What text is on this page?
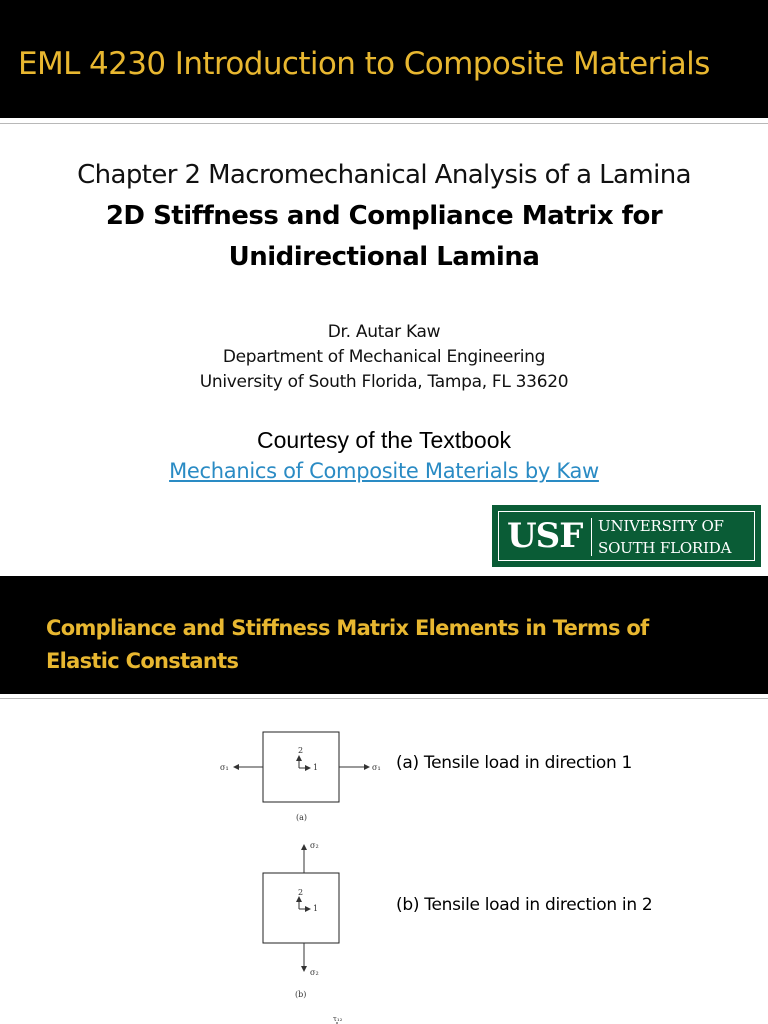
EML 4230 Introduction to Composite Materials
Chapter 2 Macromechanical Analysis of a Lamina
2D Stiffness and Compliance Matrix for
Unidirectional Lamina
Dr. Autar Kaw
Department of Mechanical Engineering
University of South Florida, Tampa, FL 33620
Courtesy of the Textbook
Mechanics of Composite Materials by Kaw
USF UNIVERSITY OF
SOUTH FLORIDA
Compliance and Stiffness Matrix Elements in Terms of
Elastic Constants
σ₁	σ₁
2
1
(a)
σ₂
σ₂
2
1
(b)
τ₁₂
(a) Tensile load in direction 1
(b) Tensile load in direction in 2
